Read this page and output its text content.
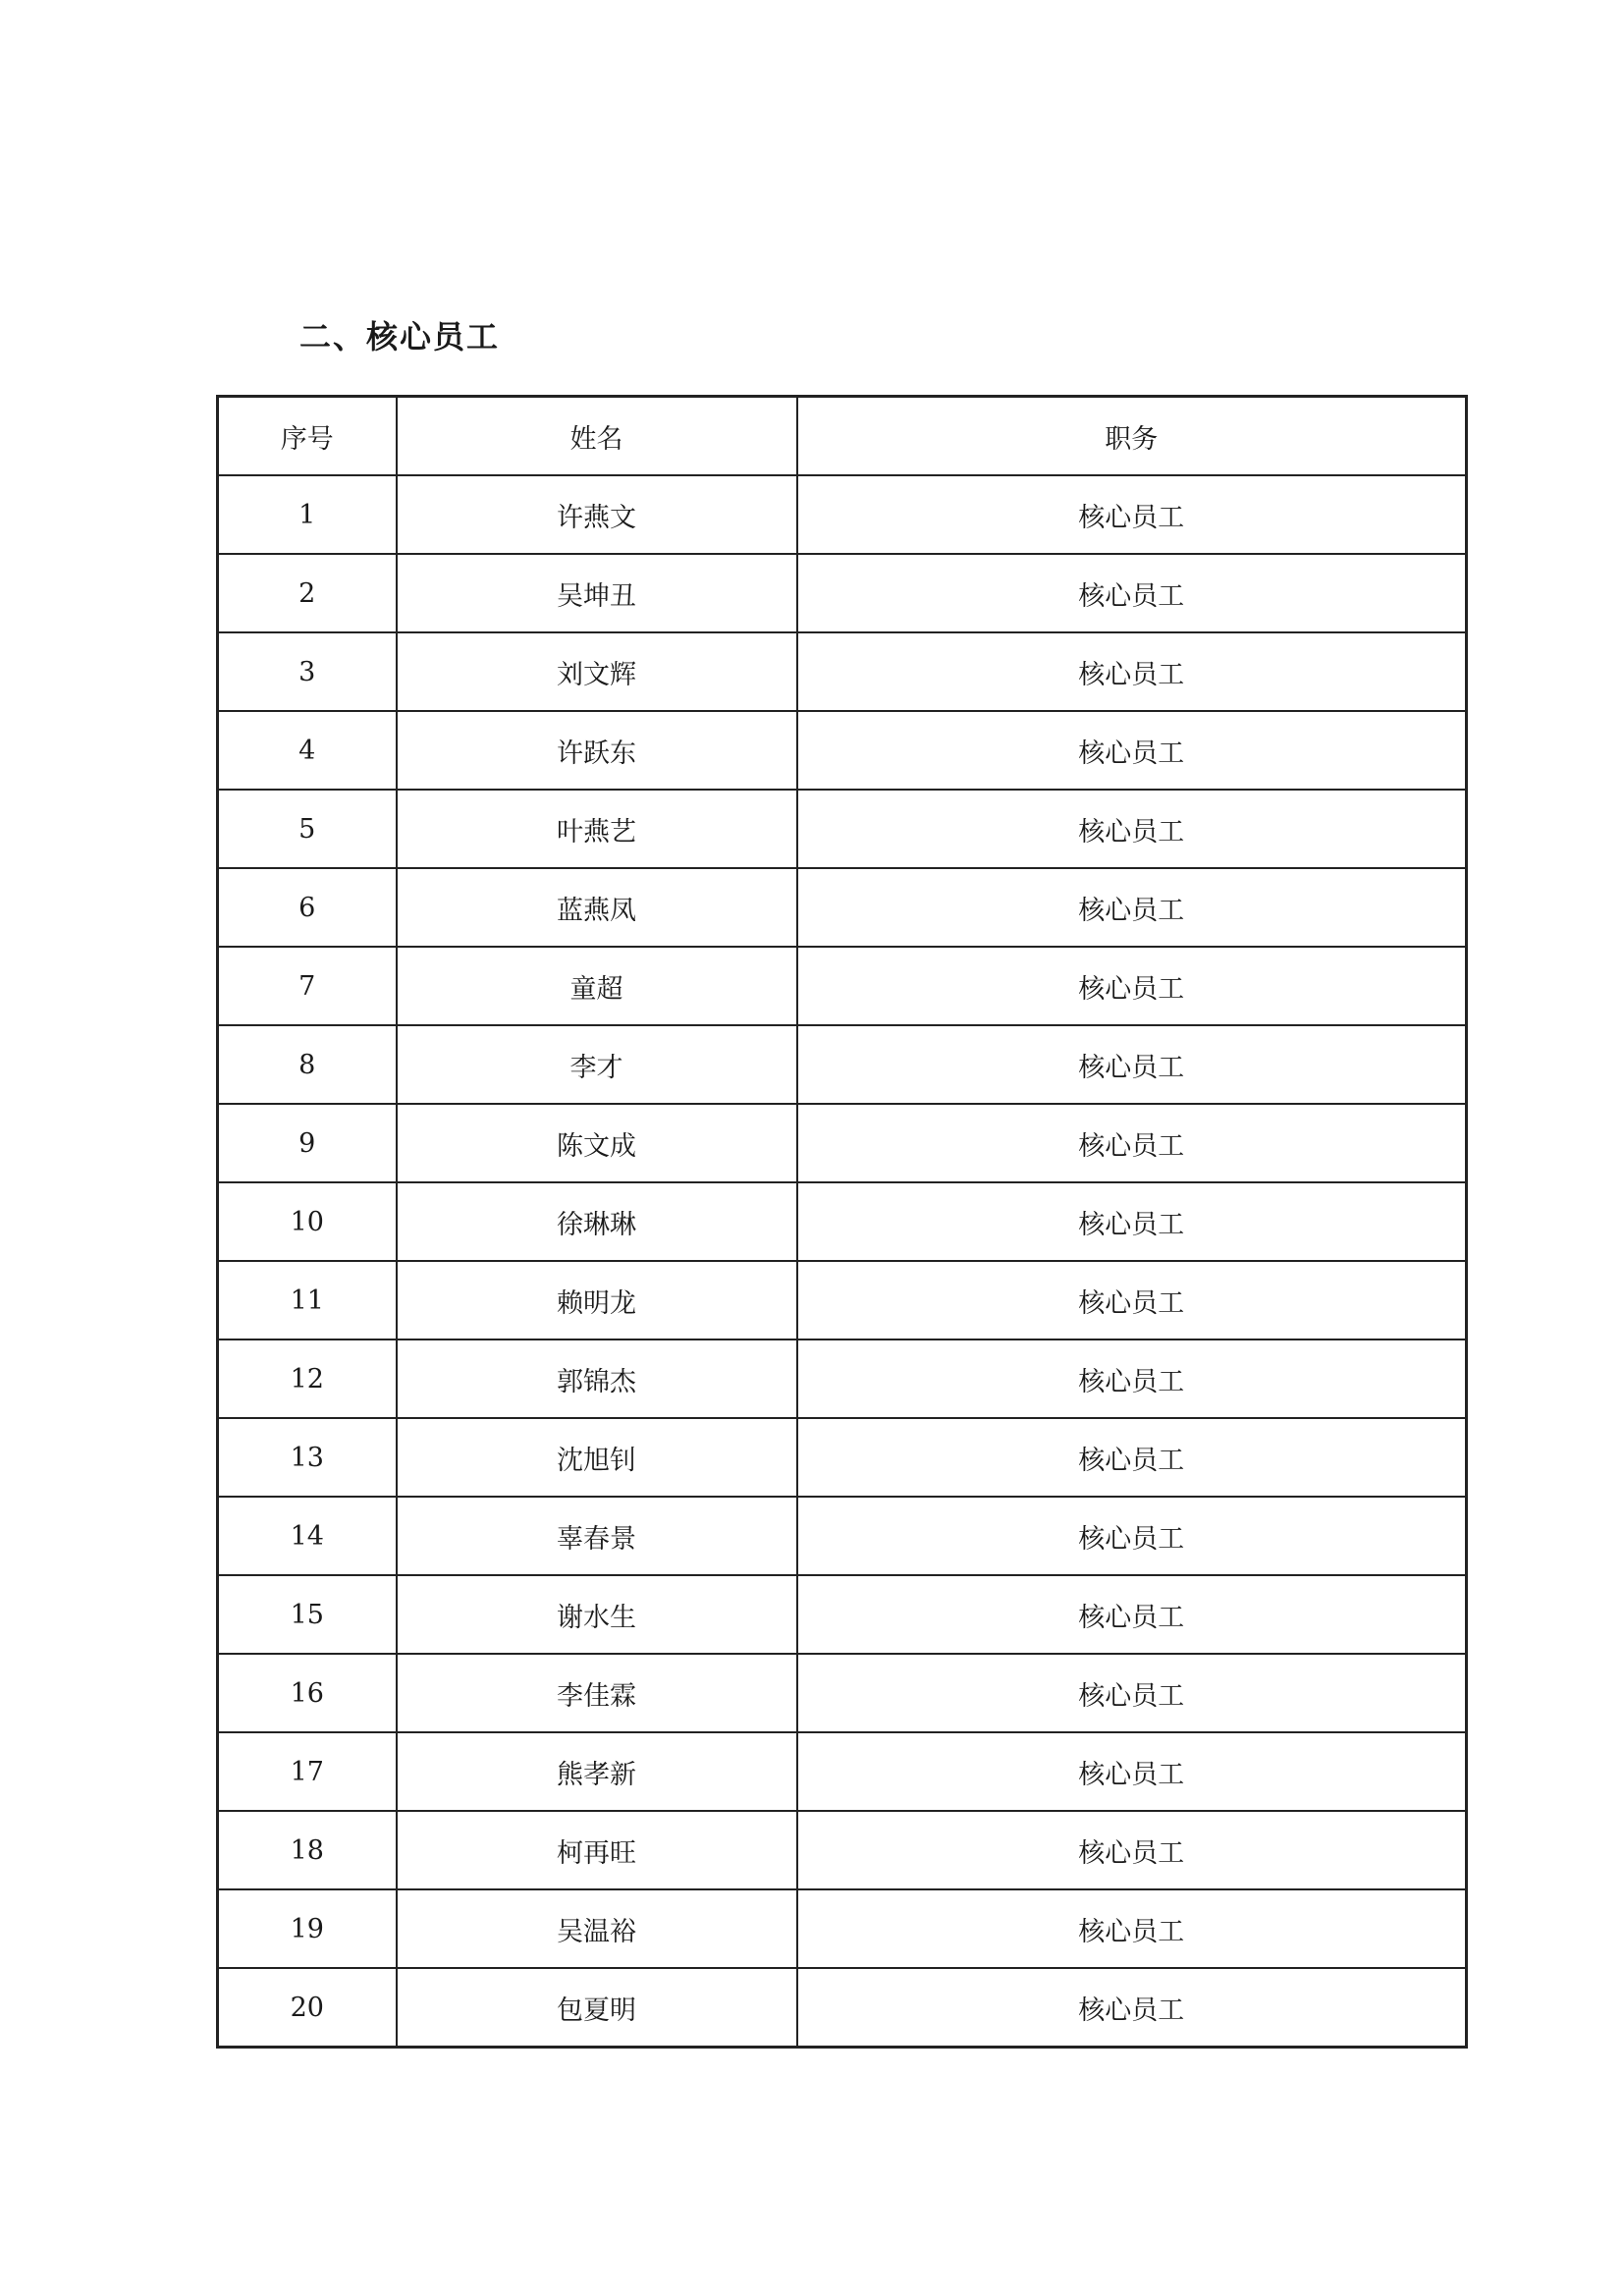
二、核心员工
序号	姓名	职务
1	许燕文	核心员工
2	吴坤丑	核心员工
3	刘文辉	核心员工
4	许跃东	核心员工
5	叶燕艺	核心员工
6	蓝燕凤	核心员工
7	童超	核心员工
8	李才	核心员工
9	陈文成	核心员工
10	徐琳琳	核心员工
11	赖明龙	核心员工
12	郭锦杰	核心员工
13	沈旭钊	核心员工
14	辜春景	核心员工
15	谢水生	核心员工
16	李佳霖	核心员工
17	熊孝新	核心员工
18	柯再旺	核心员工
19	吴温裕	核心员工
20	包夏明	核心员工
